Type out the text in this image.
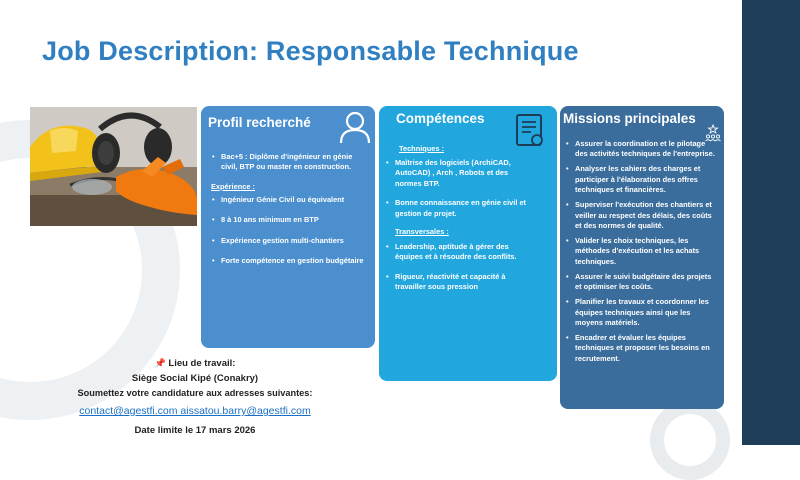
Job Description: Responsable Technique
Profil recherché
• Bac+5 : Diplôme d'ingénieur en génie civil, BTP ou master en construction.
Expérience :
• Ingénieur Génie Civil ou équivalent
• 8 à 10 ans minimum en BTP
• Expérience gestion multi-chantiers
• Forte compétence en gestion budgétaire
Compétences
Techniques :
• Maîtrise des logiciels (ArchiCAD, AutoCAD) , Arch , Robots et des normes BTP.
• Bonne connaissance en génie civil et gestion de projet.
Transversales :
• Leadership, aptitude à gérer des équipes et à résoudre des conflits.
• Rigueur, réactivité et capacité à travailler sous pression
Missions principales
• Assurer la coordination et le pilotage des activités techniques de l'entreprise.
• Analyser les cahiers des charges et participer à l'élaboration des offres techniques et financières.
• Superviser l'exécution des chantiers et veiller au respect des délais, des coûts et des normes de qualité.
• Valider les choix techniques, les méthodes d'exécution et les achats techniques.
• Assurer le suivi budgétaire des projets et optimiser les coûts.
• Planifier les travaux et coordonner les équipes techniques ainsi que les moyens matériels.
• Encadrer et évaluer les équipes techniques et proposer les besoins en recrutement.
📌 Lieu de travail:
Siège Social Kipé (Conakry)
Soumettez votre candidature aux adresses suivantes:
contact@agestfi.com aissatou.barry@agestfi.com
Date limite le 17 mars 2026
